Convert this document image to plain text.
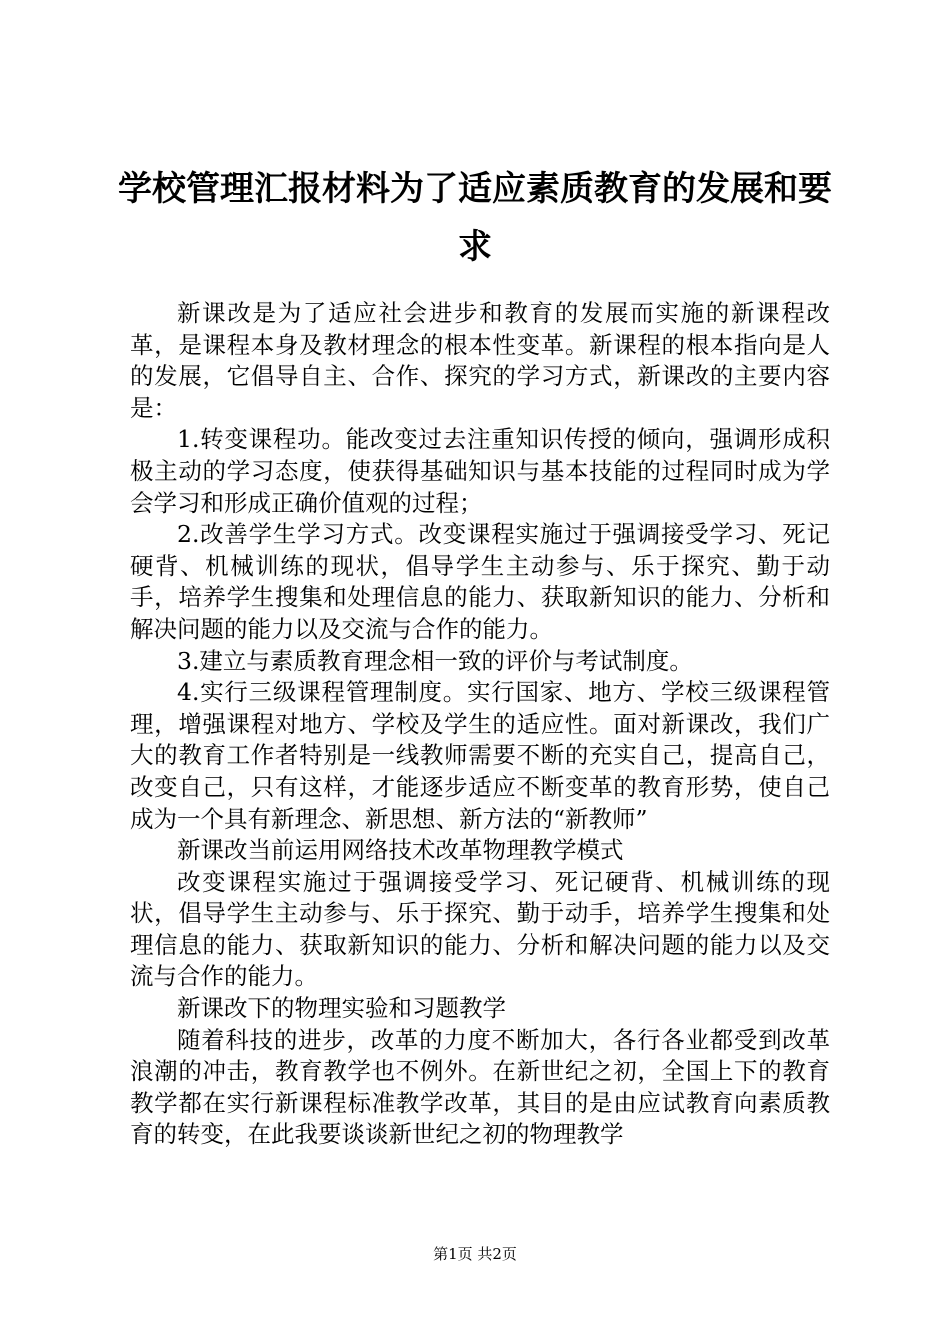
学校管理汇报材料为了适应素质教育的发展和要求

新课改是为了适应社会进步和教育的发展而实施的新课程改革，是课程本身及教材理念的根本性变革。新课程的根本指向是人的发展，它倡导自主、合作、探究的学习方式，新课改的主要内容是：

1.转变课程功。能改变过去注重知识传授的倾向，强调形成积极主动的学习态度，使获得基础知识与基本技能的过程同时成为学会学习和形成正确价值观的过程；

2.改善学生学习方式。改变课程实施过于强调接受学习、死记硬背、机械训练的现状，倡导学生主动参与、乐于探究、勤于动手，培养学生搜集和处理信息的能力、获取新知识的能力、分析和解决问题的能力以及交流与合作的能力。

3.建立与素质教育理念相一致的评价与考试制度。

4.实行三级课程管理制度。实行国家、地方、学校三级课程管理，增强课程对地方、学校及学生的适应性。面对新课改，我们广大的教育工作者特别是一线教师需要不断的充实自己，提高自己，改变自己，只有这样，才能逐步适应不断变革的教育形势，使自己成为一个具有新理念、新思想、新方法的“新教师”

新课改当前运用网络技术改革物理教学模式

改变课程实施过于强调接受学习、死记硬背、机械训练的现状，倡导学生主动参与、乐于探究、勤于动手，培养学生搜集和处理信息的能力、获取新知识的能力、分析和解决问题的能力以及交流与合作的能力。

新课改下的物理实验和习题教学

随着科技的进步，改革的力度不断加大，各行各业都受到改革浪潮的冲击，教育教学也不例外。在新世纪之初，全国上下的教育教学都在实行新课程标准教学改革，其目的是由应试教育向素质教育的转变，在此我要谈谈新世纪之初的物理教学

第1页 共2页
